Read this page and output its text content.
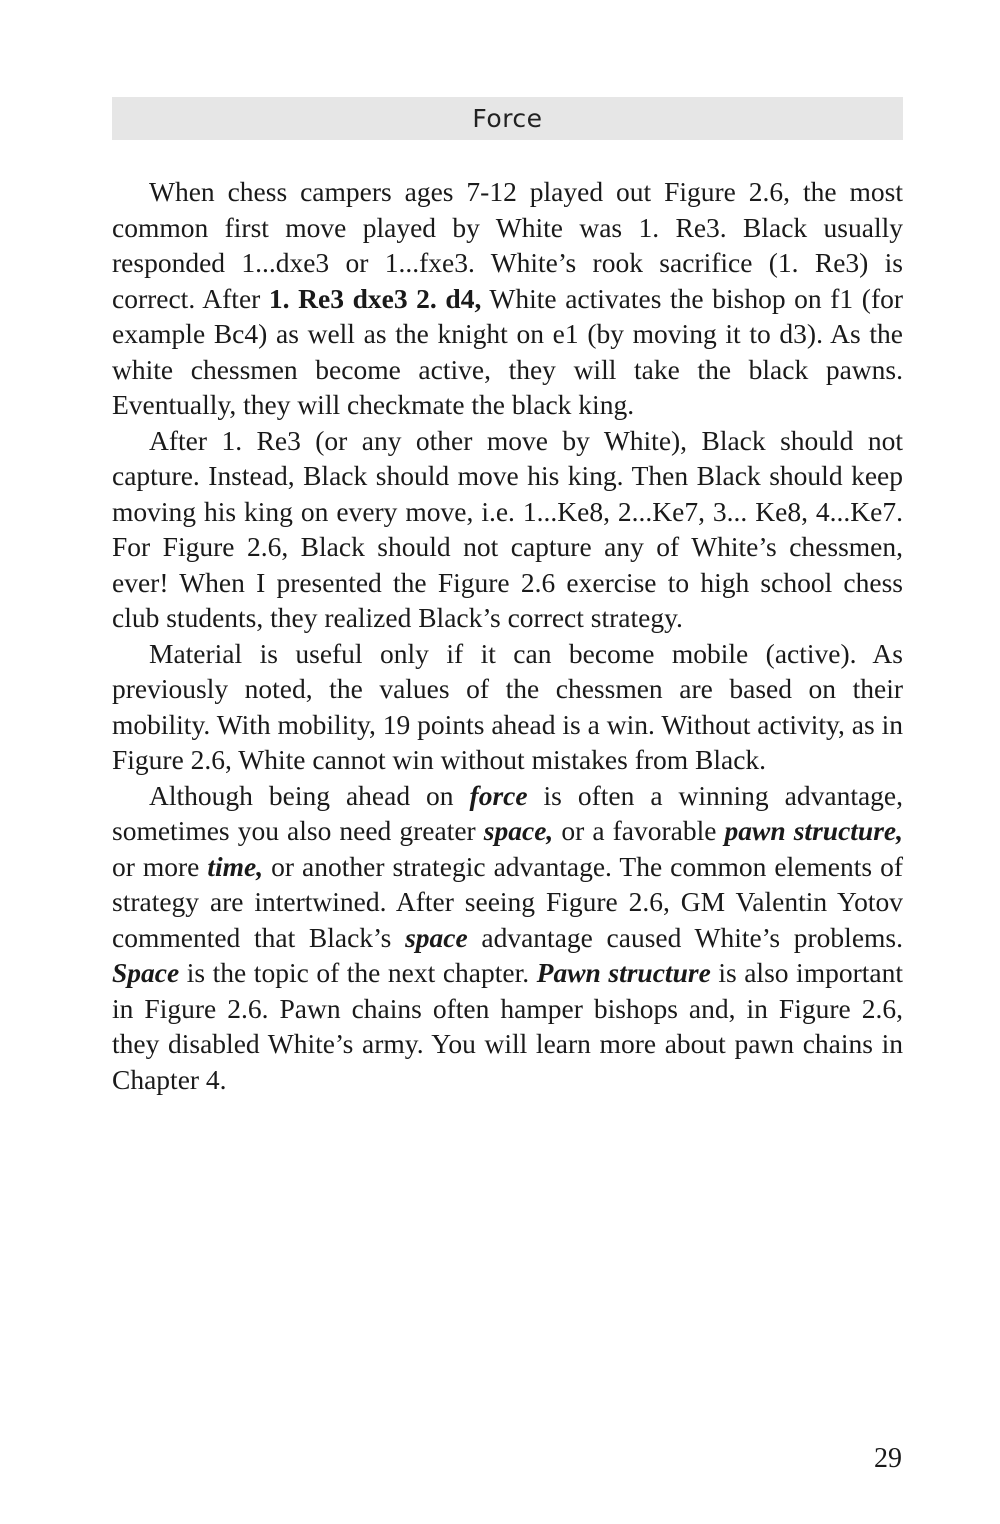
Force

When chess campers ages 7-12 played out Figure 2.6, the most common first move played by White was 1. Re3. Black usually responded 1...dxe3 or 1...fxe3. White’s rook sacrifice (1. Re3) is correct. After 1. Re3 dxe3 2. d4, White activates the bishop on f1 (for example Bc4) as well as the knight on e1 (by moving it to d3). As the white chessmen become active, they will take the black pawns. Eventually, they will checkmate the black king.

After 1. Re3 (or any other move by White), Black should not capture. Instead, Black should move his king. Then Black should keep moving his king on every move, i.e. 1...Ke8, 2...Ke7, 3... Ke8, 4...Ke7. For Figure 2.6, Black should not capture any of White’s chessmen, ever! When I presented the Figure 2.6 exercise to high school chess club students, they realized Black’s correct strategy.

Material is useful only if it can become mobile (active). As previously noted, the values of the chessmen are based on their mobility. With mobility, 19 points ahead is a win. Without activity, as in Figure 2.6, White cannot win without mistakes from Black.

Although being ahead on force is often a winning advantage, sometimes you also need greater space, or a favorable pawn structure, or more time, or another strategic advantage. The common elements of strategy are intertwined. After seeing Figure 2.6, GM Valentin Yotov commented that Black’s space advantage caused White’s problems. Space is the topic of the next chapter. Pawn structure is also important in Figure 2.6. Pawn chains often hamper bishops and, in Figure 2.6, they disabled White’s army. You will learn more about pawn chains in Chapter 4.

29
